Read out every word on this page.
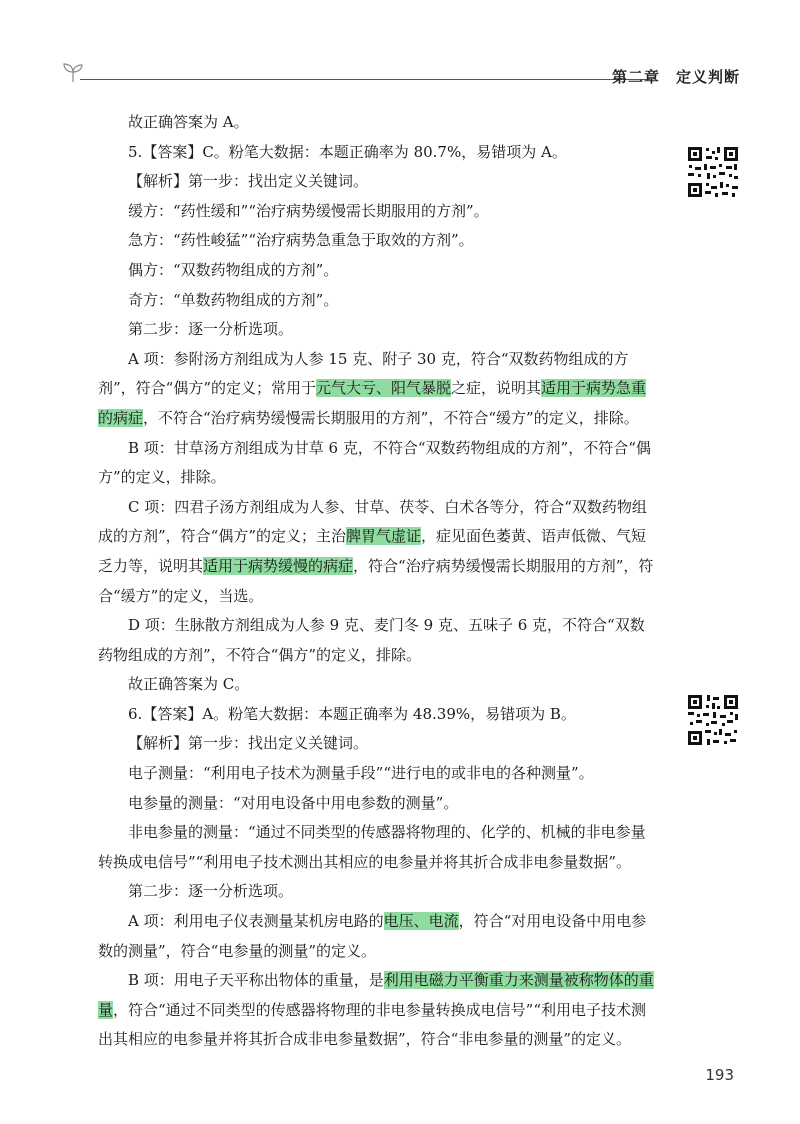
第二章　定义判断

故正确答案为 A。

5.【答案】C。粉笔大数据：本题正确率为 80.7%，易错项为 A。

【解析】第一步：找出定义关键词。

缓方：“药性缓和”“治疗病势缓慢需长期服用的方剂”。

急方：“药性峻猛”“治疗病势急重急于取效的方剂”。

偶方：“双数药物组成的方剂”。

奇方：“单数药物组成的方剂”。

第二步：逐一分析选项。

A 项：参附汤方剂组成为人参 15 克、附子 30 克，符合“双数药物组成的方剂”，符合“偶方”的定义；常用于元气大亏、阳气暴脱之症，说明其适用于病势急重的病症，不符合“治疗病势缓慢需长期服用的方剂”，不符合“缓方”的定义，排除。

B 项：甘草汤方剂组成为甘草 6 克，不符合“双数药物组成的方剂”，不符合“偶方”的定义，排除。

C 项：四君子汤方剂组成为人参、甘草、茯苓、白术各等分，符合“双数药物组成的方剂”，符合“偶方”的定义；主治脾胃气虚证，症见面色萎黄、语声低微、气短乏力等，说明其适用于病势缓慢的病症，符合“治疗病势缓慢需长期服用的方剂”，符合“缓方”的定义，当选。

D 项：生脉散方剂组成为人参 9 克、麦门冬 9 克、五味子 6 克，不符合“双数药物组成的方剂”，不符合“偶方”的定义，排除。

故正确答案为 C。

6.【答案】A。粉笔大数据：本题正确率为 48.39%，易错项为 B。

【解析】第一步：找出定义关键词。

电子测量：“利用电子技术为测量手段”“进行电的或非电的各种测量”。

电参量的测量：“对用电设备中用电参数的测量”。

非电参量的测量：“通过不同类型的传感器将物理的、化学的、机械的非电参量转换成电信号”“利用电子技术测出其相应的电参量并将其折合成非电参量数据”。

第二步：逐一分析选项。

A 项：利用电子仪表测量某机房电路的电压、电流，符合“对用电设备中用电参数的测量”，符合“电参量的测量”的定义。

B 项：用电子天平称出物体的重量，是利用电磁力平衡重力来测量被称物体的重量，符合“通过不同类型的传感器将物理的非电参量转换成电信号”“利用电子技术测出其相应的电参量并将其折合成非电参量数据”，符合“非电参量的测量”的定义。

193
